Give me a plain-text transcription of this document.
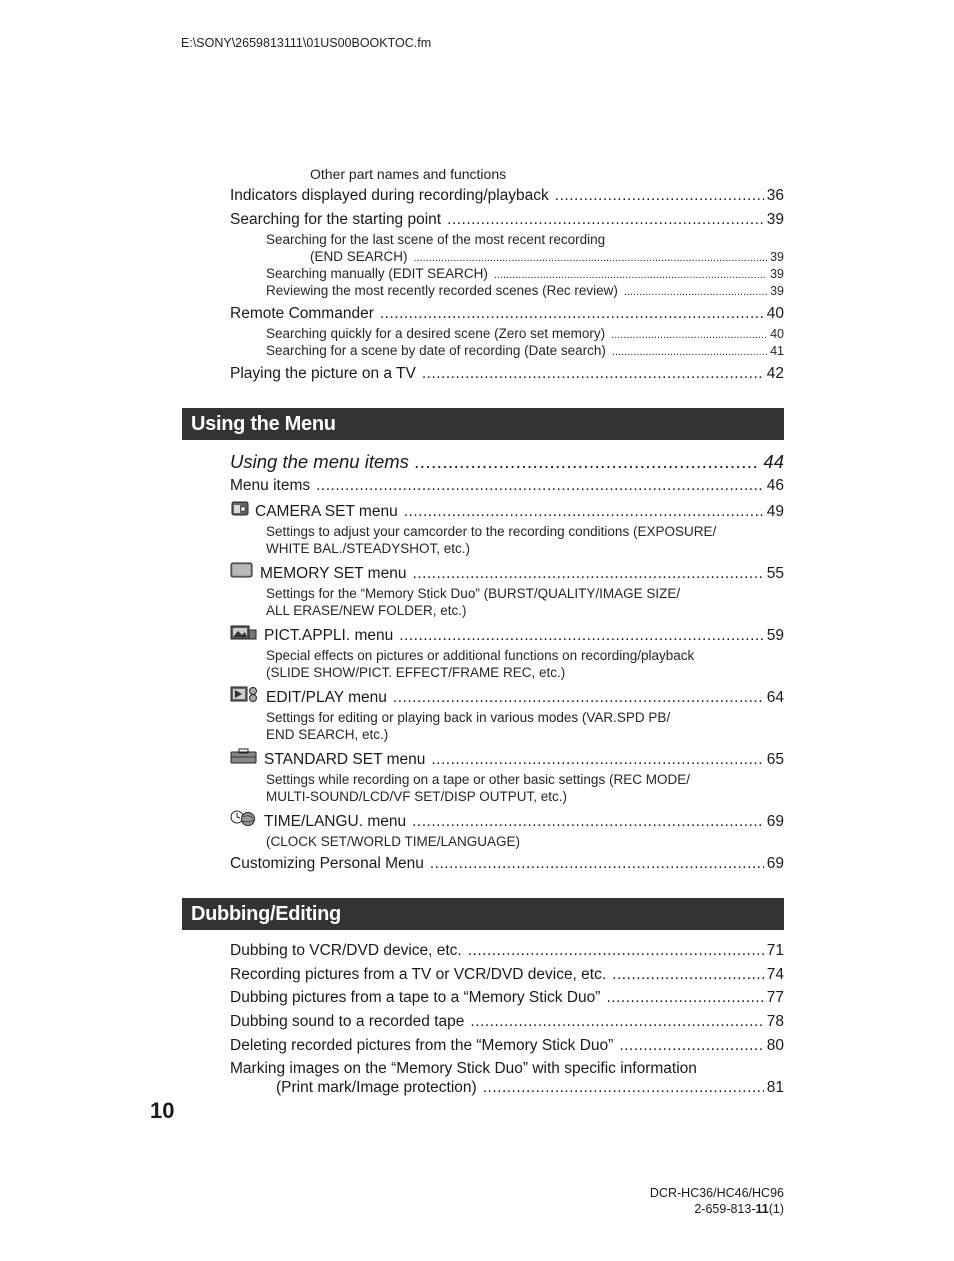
E:\SONY\2659813111\01US00BOOKTOC.fm
Other part names and functions
Indicators displayed during recording/playback .....	36
Searching for the starting point .....	39
Searching for the last scene of the most recent recording
(END SEARCH) .....	39
Searching manually (EDIT SEARCH) .....	39
Reviewing the most recently recorded scenes (Rec review) .....	39
Remote Commander .....	40
Searching quickly for a desired scene (Zero set memory) .....	40
Searching for a scene by date of recording (Date search) .....	41
Playing the picture on a TV .....	42
Using the Menu
Using the menu items .....	44
Menu items .....	46
CAMERA SET menu .....	49
Settings to adjust your camcorder to the recording conditions (EXPOSURE/
WHITE BAL./STEADYSHOT, etc.)
MEMORY SET menu .....	55
Settings for the “Memory Stick Duo” (BURST/QUALITY/IMAGE SIZE/
ALL ERASE/NEW FOLDER, etc.)
PICT.APPLI. menu .....	59
Special effects on pictures or additional functions on recording/playback
(SLIDE SHOW/PICT. EFFECT/FRAME REC, etc.)
EDIT/PLAY menu .....	64
Settings for editing or playing back in various modes (VAR.SPD PB/
END SEARCH, etc.)
STANDARD SET menu .....	65
Settings while recording on a tape or other basic settings (REC MODE/
MULTI-SOUND/LCD/VF SET/DISP OUTPUT, etc.)
TIME/LANGU. menu .....	69
(CLOCK SET/WORLD TIME/LANGUAGE)
Customizing Personal Menu .....	69
Dubbing/Editing
Dubbing to VCR/DVD device, etc. .....	71
Recording pictures from a TV or VCR/DVD device, etc. .....	74
Dubbing pictures from a tape to a “Memory Stick Duo” .....	77
Dubbing sound to a recorded tape .....	78
Deleting recorded pictures from the “Memory Stick Duo” .....	80
Marking images on the “Memory Stick Duo” with specific information
(Print mark/Image protection) .....	81
10
DCR-HC36/HC46/HC96
2-659-813-11(1)
